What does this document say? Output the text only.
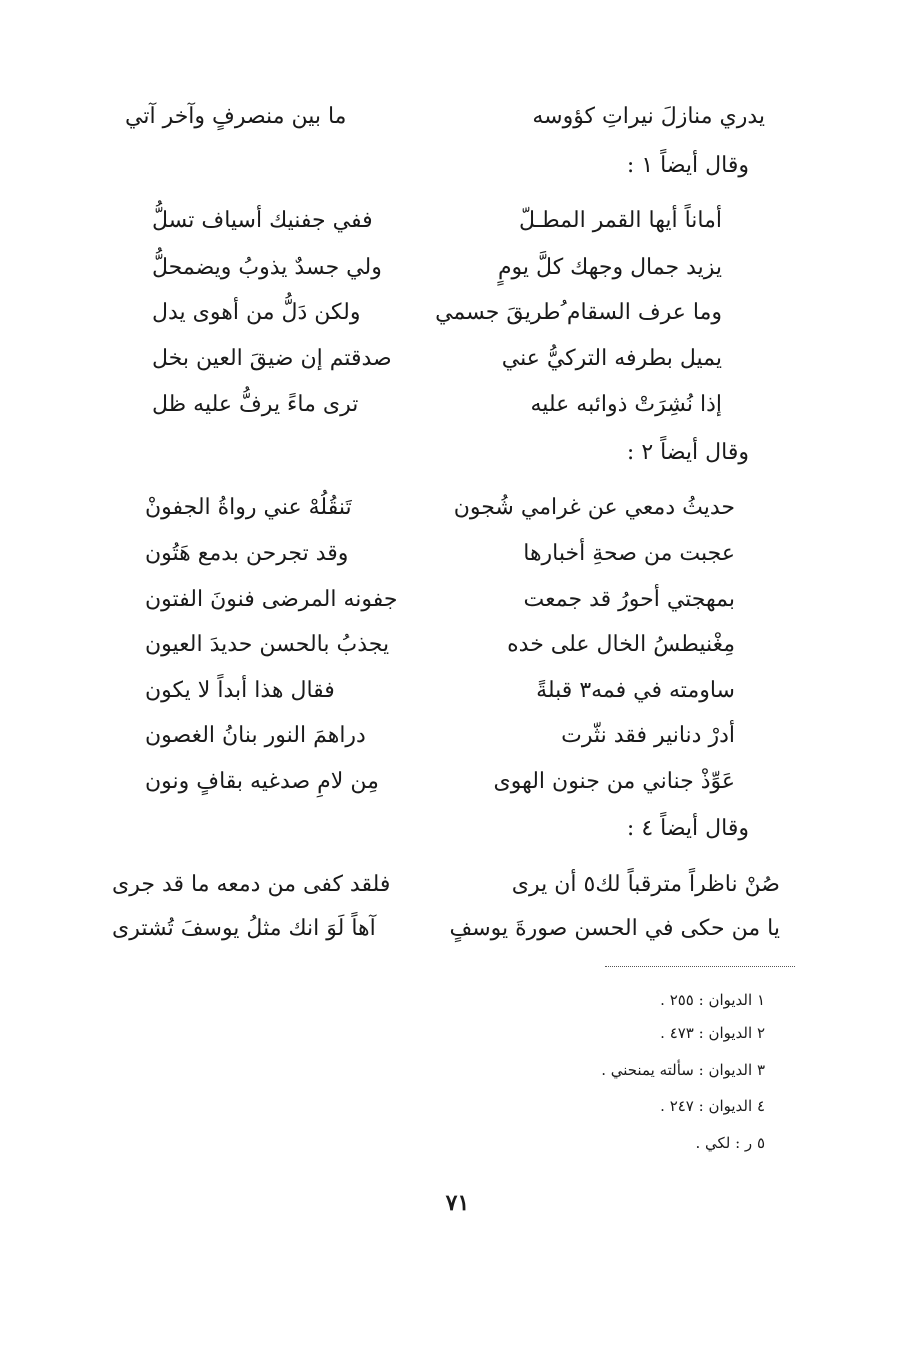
يدري منازلَ نيراتِ كؤوسه
ما بين منصرفٍ وآخر آتي
وقال أيضاً ١ :
أماناً أيها القمر المطـلّ
ففي جفنيك أسياف تسلُّ
يزيد جمال وجهك كلَّ يومٍ
ولي جسدٌ يذوبُ ويضمحلُّ
وما عرف السقام ُطريقَ جسمي
ولكن دَلُّ من أهوى يدل
يميل بطرفه التركيُّ عني
صدقتم إن ضيقَ العين بخل
إذا نُشِرَتْ ذوائبه عليه
ترى ماءً يرفُّ عليه ظل
وقال أيضاً ٢ :
حديثُ دمعي عن غرامي شُجون
تَنقُلُهْ عني رواةُ الجفونْ
عجبت من صحةِ أخبارها
وقد تجرحن بدمع هَتُون
بمهجتي أحورُ قد جمعت
جفونه المرضى فنونَ الفتون
مِغْنيطسُ الخال على خده
يجذبُ بالحسن حديدَ العيون
ساومته في فمه٣ قبلةً
فقال هذا أبداً لا يكون
أدرْ دنانير فقد نثّرت
دراهمَ النور بنانُ الغصون
عَوِّذْ جناني من جنون الهوى
مِن لامِ صدغيه بقافٍ ونون
وقال أيضاً ٤ :
صُنْ ناظراً مترقباً لك٥ أن يرى
فلقد كفى من دمعه ما قد جرى
يا من حكى في الحسن صورةَ يوسفٍ
آهاً لَوَ انك مثلُ يوسفَ تُشترى
١ الديوان : ٢٥٥ .
٢ الديوان : ٤٧٣ .
٣ الديوان : سألته يمنحني .
٤ الديوان : ٢٤٧ .
٥ ر : لكي .
٧١
